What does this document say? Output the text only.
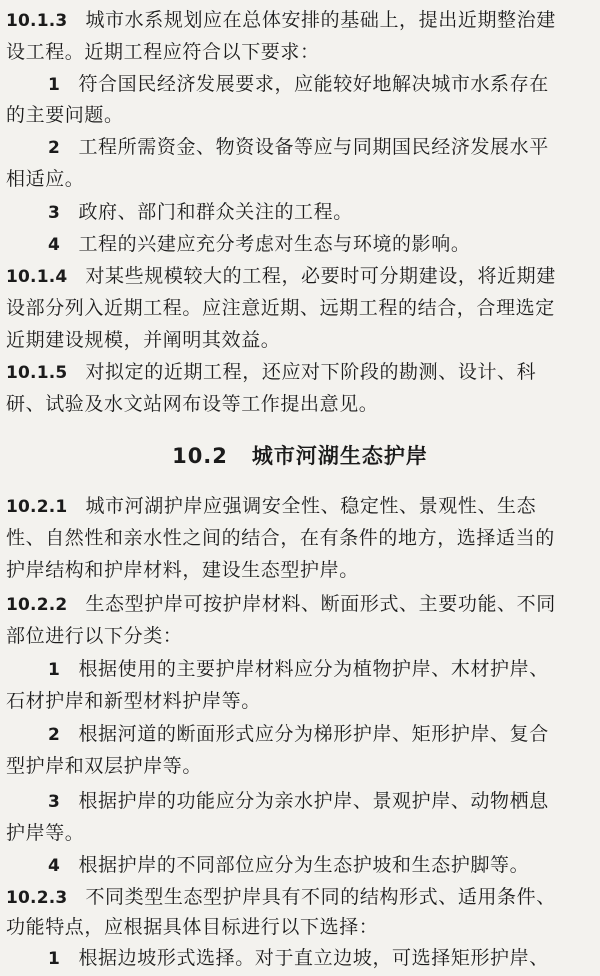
10.1.3 城市水系规划应在总体安排的基础上，提出近期整治建
设工程。近期工程应符合以下要求：
1 符合国民经济发展要求，应能较好地解决城市水系存在
的主要问题。
2 工程所需资金、物资设备等应与同期国民经济发展水平
相适应。
3 政府、部门和群众关注的工程。
4 工程的兴建应充分考虑对生态与环境的影响。
10.1.4 对某些规模较大的工程，必要时可分期建设，将近期建
设部分列入近期工程。应注意近期、远期工程的结合，合理选定
近期建设规模，并阐明其效益。
10.1.5 对拟定的近期工程，还应对下阶段的勘测、设计、科
研、试验及水文站网布设等工作提出意见。
10.2 城市河湖生态护岸
10.2.1 城市河湖护岸应强调安全性、稳定性、景观性、生态
性、自然性和亲水性之间的结合，在有条件的地方，选择适当的
护岸结构和护岸材料，建设生态型护岸。
10.2.2 生态型护岸可按护岸材料、断面形式、主要功能、不同
部位进行以下分类：
1 根据使用的主要护岸材料应分为植物护岸、木材护岸、
石材护岸和新型材料护岸等。
2 根据河道的断面形式应分为梯形护岸、矩形护岸、复合
型护岸和双层护岸等。
3 根据护岸的功能应分为亲水护岸、景观护岸、动物栖息
护岸等。
4 根据护岸的不同部位应分为生态护坡和生态护脚等。
10.2.3 不同类型生态型护岸具有不同的结构形式、适用条件、
功能特点，应根据具体目标进行以下选择：
1 根据边坡形式选择。对于直立边坡，可选择矩形护岸、
